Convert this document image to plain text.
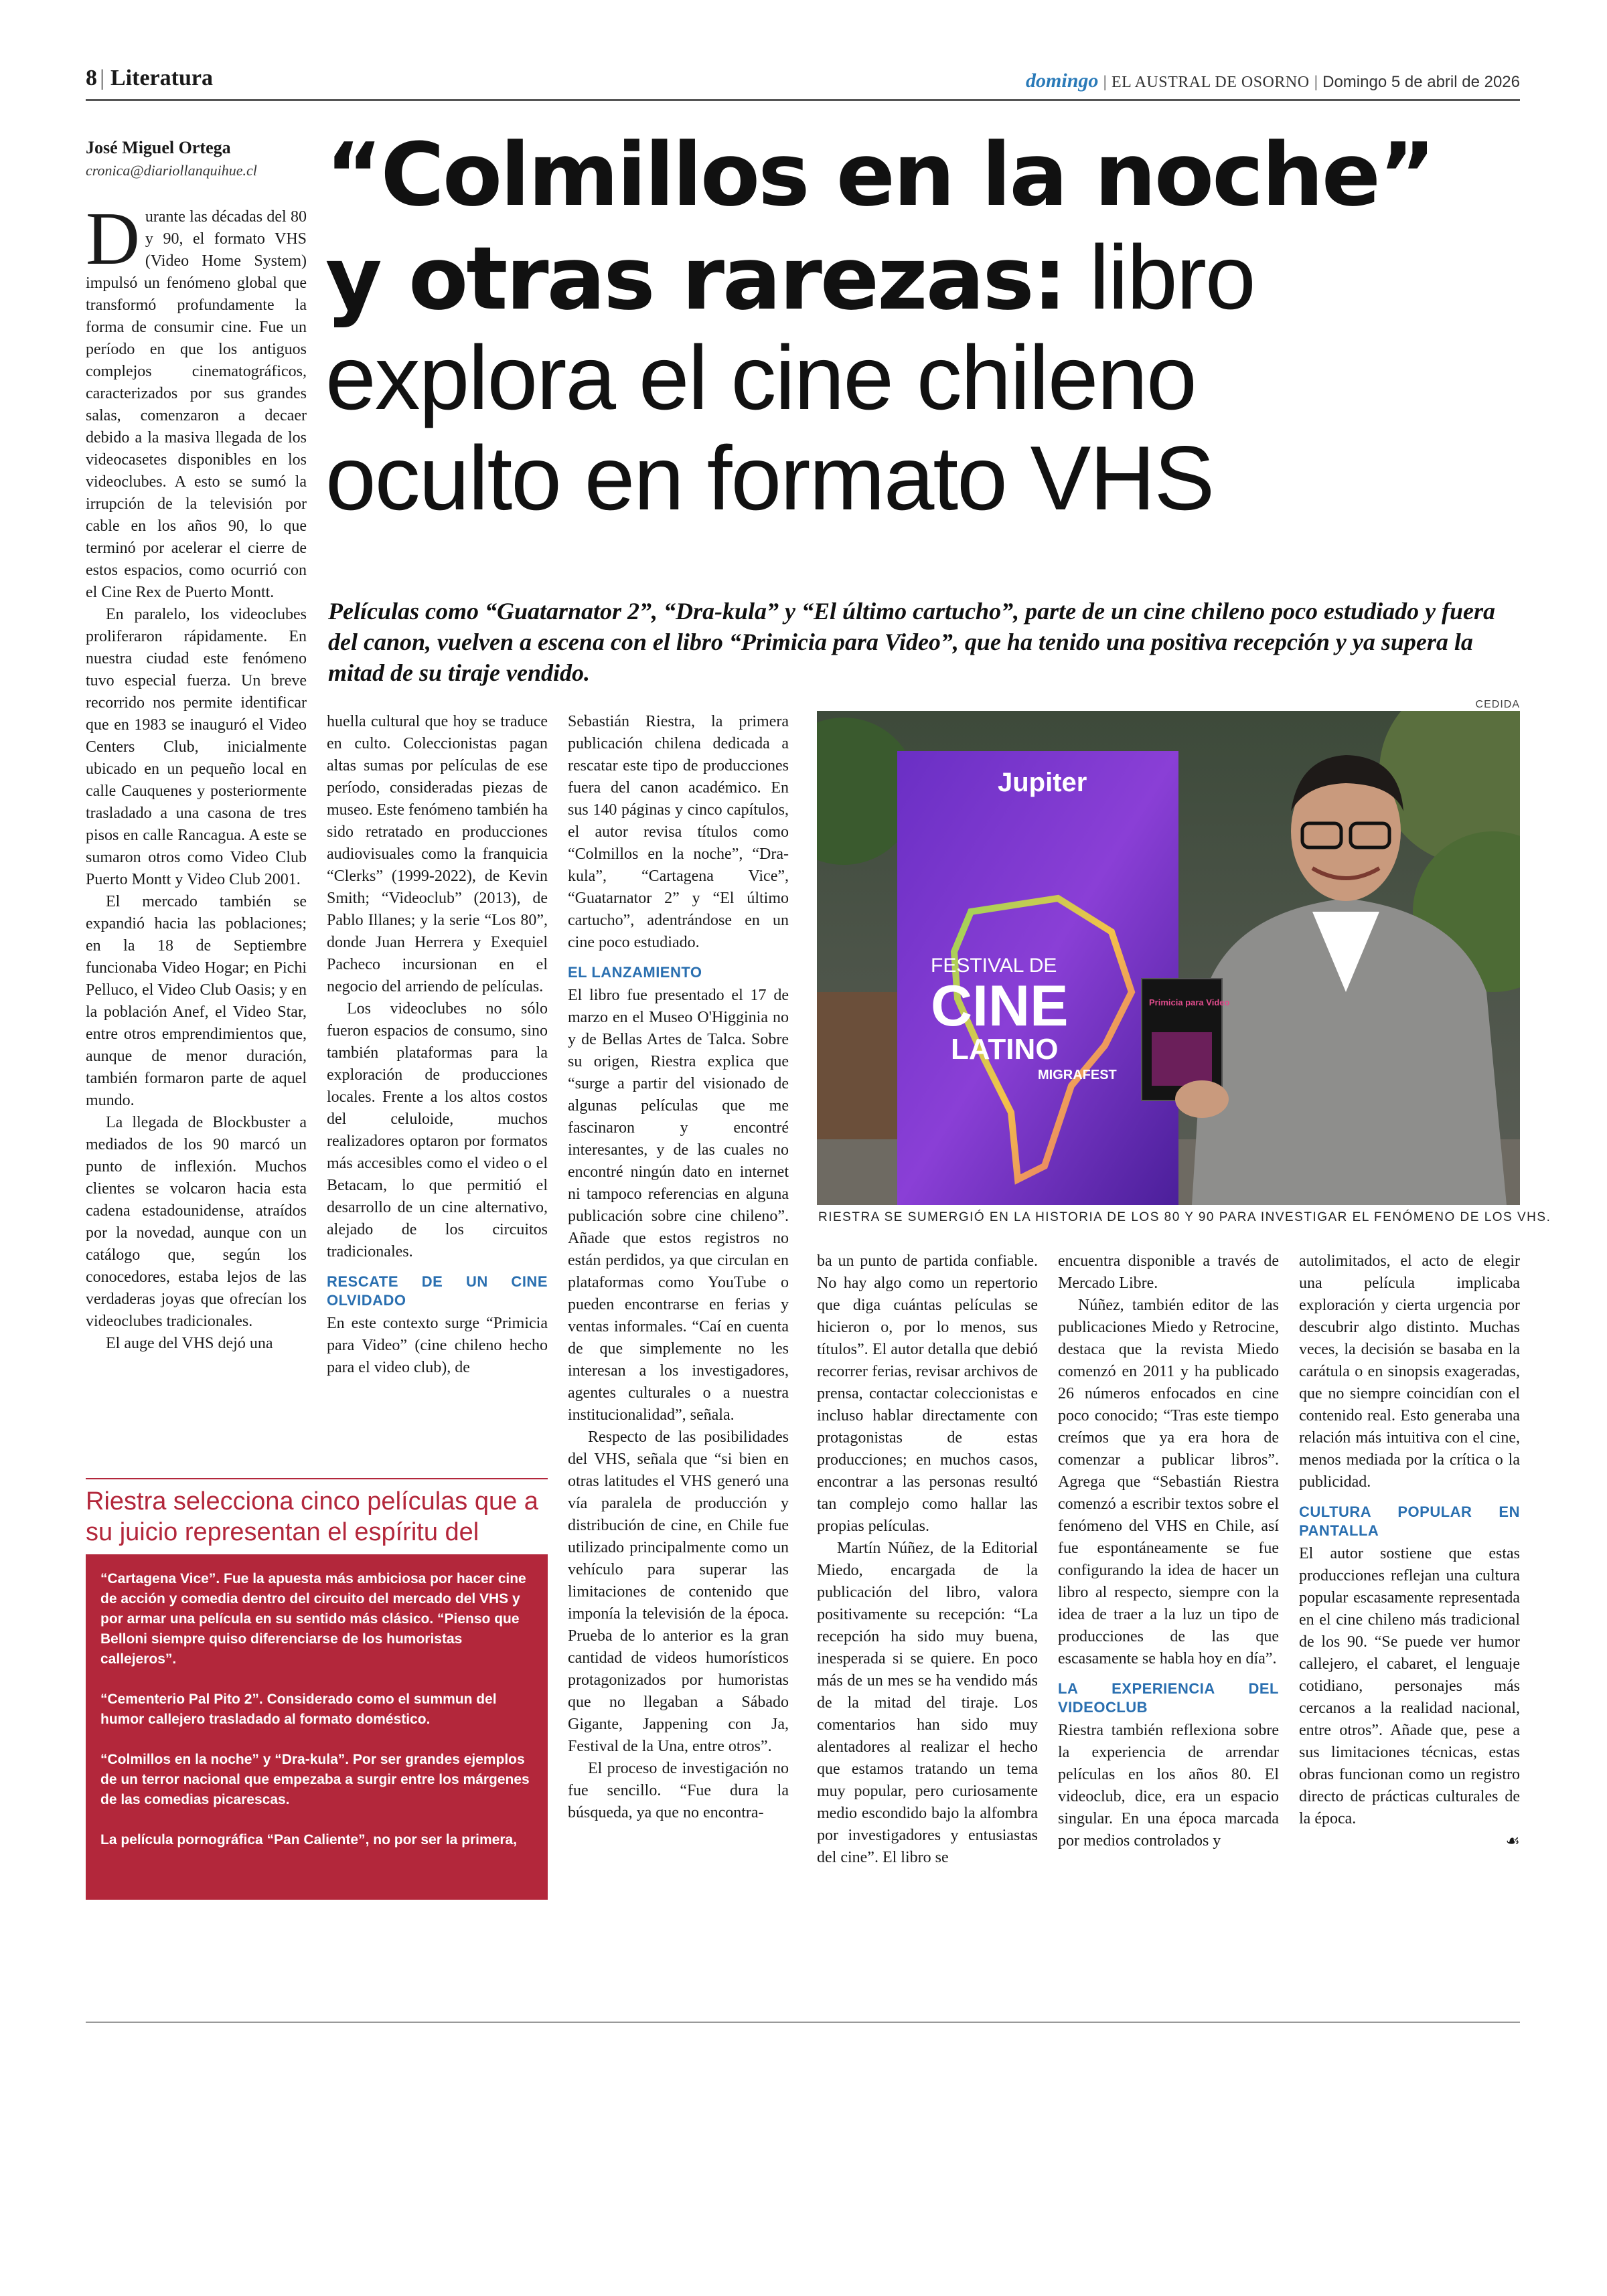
8 | Literatura	domingo | EL AUSTRAL DE OSORNO | Domingo 5 de abril de 2026
José Miguel Ortega
cronica@diariollanquihue.cl “Colmillos en la noche”
y otras rarezas: libro
explora el cine chileno
oculto en formato VHS
Películas como “Guatarnator 2”, “Dra-kula” y “El último cartucho”, parte de un cine chileno poco estudiado y fuera del canon, vuelven a escena con el libro “Primicia para Video”, que ha tenido una positiva recepción y ya supera la mitad de su tiraje vendido.

Durante las décadas del 80 y 90, el formato VHS (Video Home System) impulsó un fenómeno global que transformó profundamente la forma de consumir cine. Fue un período en que los antiguos complejos cinematográficos, caracterizados por sus grandes salas, comenzaron a decaer debido a la masiva llegada de los videocasetes disponibles en los videoclubes. A esto se sumó la irrupción de la televisión por cable en los años 90, lo que terminó por acelerar el cierre de estos espacios, como ocurrió con el Cine Rex de Puerto Montt.

En paralelo, los videoclubes proliferaron rápidamente. En nuestra ciudad este fenómeno tuvo especial fuerza. Un breve recorrido nos permite identificar que en 1983 se inauguró el Video Centers Club, inicialmente ubicado en un pequeño local en calle Cauquenes y posteriormente trasladado a una casona de tres pisos en calle Rancagua. A este se sumaron otros como Video Club Puerto Montt y Video Club 2001.

El mercado también se expandió hacia las poblaciones; en la 18 de Septiembre funcionaba Video Hogar; en Pichi Pelluco, el Video Club Oasis; y en la población Anef, el Video Star, entre otros emprendimientos que, aunque de menor duración, también formaron parte de aquel mundo.

La llegada de Blockbuster a mediados de los 90 marcó un punto de inflexión. Muchos clientes se volcaron hacia esta cadena estadounidense, atraídos por la novedad, aunque con un catálogo que, según los conocedores, estaba lejos de las verdaderas joyas que ofrecían los videoclubes tradicionales.

El auge del VHS dejó una

huella cultural que hoy se traduce en culto. Coleccionistas pagan altas sumas por películas de ese período, consideradas piezas de museo. Este fenómeno también ha sido retratado en producciones audiovisuales como la franquicia “Clerks” (1999-2022), de Kevin Smith; “Videoclub” (2013), de Pablo Illanes; y la serie “Los 80”, donde Juan Herrera y Exequiel Pacheco incursionan en el negocio del arriendo de películas.

Los videoclubes no sólo fueron espacios de consumo, sino también plataformas para la exploración de producciones locales. Frente a los altos costos del celuloide, muchos realizadores optaron por formatos más accesibles como el video o el Betacam, lo que permitió el desarrollo de un cine alternativo, alejado de los circuitos tradicionales.

RESCATE DE UN CINE OLVIDADO

En este contexto surge “Primicia para Video” (cine chileno hecho para el video club), de

Sebastián Riestra, la primera publicación chilena dedicada a rescatar este tipo de producciones fuera del canon académico. En sus 140 páginas y cinco capítulos, el autor revisa títulos como “Colmillos en la noche”, “Dra-kula”, “Cartagena Vice”, “Guatarnator 2” y “El último cartucho”, adentrándose en un cine poco estudiado.

EL LANZAMIENTO

El libro fue presentado el 17 de marzo en el Museo O'Higginia no y de Bellas Artes de Talca. Sobre su origen, Riestra explica que “surge a partir del visionado de algunas películas que me fascinaron y encontré interesantes, y de las cuales no encontré ningún dato en internet ni tampoco referencias en alguna publicación sobre cine chileno”. Añade que estos registros no están perdidos, ya que circulan en plataformas como YouTube o pueden encontrarse en ferias y ventas informales. “Caí en cuenta de que simplemente no les interesan a los investigadores, agentes culturales o a nuestra institucionalidad”, señala.

Respecto de las posibilidades del VHS, señala que “si bien en otras latitudes el VHS generó una vía paralela de producción y distribución de cine, en Chile fue utilizado principalmente como un vehículo para superar las limitaciones de contenido que imponía la televisión de la época. Prueba de lo anterior es la gran cantidad de videos humorísticos protagonizados por humoristas que no llegaban a Sábado Gigante, Jappening con Ja, Festival de la Una, entre otros”.

El proceso de investigación no fue sencillo. “Fue dura la búsqueda, ya que no encontra-

CEDIDA
Jupiter
FESTIVAL DE
CINE
LATINO
MIGRAFEST
Primicia para Video
RIESTRA SE SUMERGIÓ EN LA HISTORIA DE LOS 80 Y 90 PARA INVESTIGAR EL FENÓMENO DE LOS VHS.

ba un punto de partida confiable. No hay algo como un repertorio que diga cuántas películas se hicieron o, por lo menos, sus títulos”. El autor detalla que debió recorrer ferias, revisar archivos de prensa, contactar coleccionistas e incluso hablar directamente con protagonistas de estas producciones; en muchos casos, encontrar a las personas resultó tan complejo como hallar las propias películas.

Martín Núñez, de la Editorial Miedo, encargada de la publicación del libro, valora positivamente su recepción: “La recepción ha sido muy buena, inesperada si se quiere. En poco más de un mes se ha vendido más de la mitad del tiraje. Los comentarios han sido muy alentadores al realizar el hecho que estamos tratando un tema muy popular, pero curiosamente medio escondido bajo la alfombra por investigadores y entusiastas del cine”. El libro se

encuentra disponible a través de Mercado Libre.

Núñez, también editor de las publicaciones Miedo y Retrocine, destaca que la revista Miedo comenzó en 2011 y ha publicado 26 números enfocados en cine poco conocido; “Tras este tiempo creímos que ya era hora de comenzar a publicar libros”. Agrega que “Sebastián Riestra comenzó a escribir textos sobre el fenómeno del VHS en Chile, así fue espontáneamente se fue configurando la idea de hacer un libro al respecto, siempre con la idea de traer a la luz un tipo de producciones de las que escasamente se habla hoy en día”.

LA EXPERIENCIA DEL VIDEOCLUB

Riestra también reflexiona sobre la experiencia de arrendar películas en los años 80. El videoclub, dice, era un espacio singular. En una época marcada por medios controlados y

autolimitados, el acto de elegir una película implicaba exploración y cierta urgencia por descubrir algo distinto. Muchas veces, la decisión se basaba en la carátula o en sinopsis exageradas, que no siempre coincidían con el contenido real. Esto generaba una relación más intuitiva con el cine, menos mediada por la crítica o la publicidad.

CULTURA POPULAR EN PANTALLA

El autor sostiene que estas producciones reflejan una cultura popular escasamente representada en el cine chileno más tradicional de los 90. “Se puede ver humor callejero, el cabaret, el lenguaje cotidiano, personajes más cercanos a la realidad nacional, entre otros”. Añade que, pese a sus limitaciones técnicas, estas obras funcionan como un registro directo de prácticas culturales de la época.

☙
Riestra selecciona cinco películas que a su juicio representan el espíritu del

“Cartagena Vice”. Fue la apuesta más ambiciosa por hacer cine de acción y comedia dentro del circuito del mercado del VHS y por armar una película en su sentido más clásico. “Pienso que Belloni siempre quiso diferenciarse de los humoristas callejeros”.

“Cementerio Pal Pito 2”. Considerado como el summun del humor callejero trasladado al formato doméstico.

“Colmillos en la noche” y “Dra-kula”. Por ser grandes ejemplos de un terror nacional que empezaba a surgir entre los márgenes de las comedias picarescas.

La película pornográfica “Pan Caliente”, no por ser la primera,
